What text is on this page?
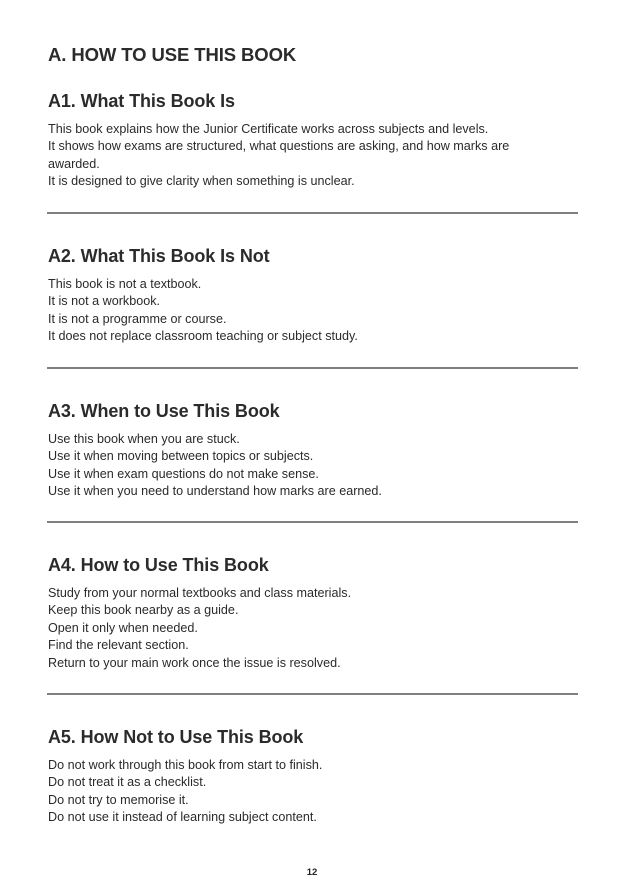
A. HOW TO USE THIS BOOK
A1. What This Book Is
This book explains how the Junior Certificate works across subjects and levels.
It shows how exams are structured, what questions are asking, and how marks are awarded.
It is designed to give clarity when something is unclear.
A2. What This Book Is Not
This book is not a textbook.
It is not a workbook.
It is not a programme or course.
It does not replace classroom teaching or subject study.
A3. When to Use This Book
Use this book when you are stuck.
Use it when moving between topics or subjects.
Use it when exam questions do not make sense.
Use it when you need to understand how marks are earned.
A4. How to Use This Book
Study from your normal textbooks and class materials.
Keep this book nearby as a guide.
Open it only when needed.
Find the relevant section.
Return to your main work once the issue is resolved.
A5. How Not to Use This Book
Do not work through this book from start to finish.
Do not treat it as a checklist.
Do not try to memorise it.
Do not use it instead of learning subject content.
12
